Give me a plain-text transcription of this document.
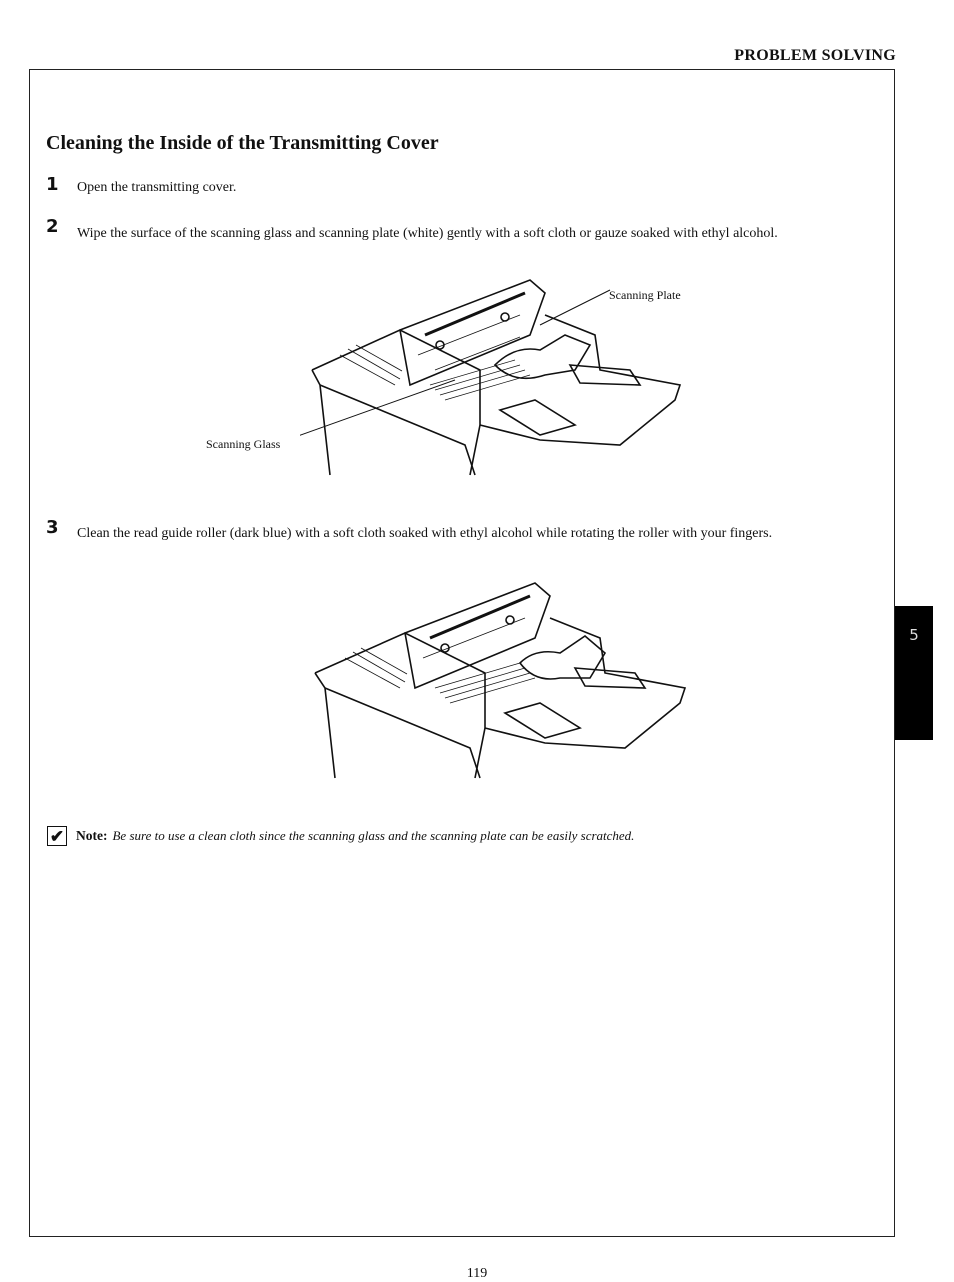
PROBLEM SOLVING
Cleaning the Inside of the Transmitting Cover
1 Open the transmitting cover.
2 Wipe the surface of the scanning glass and scanning plate (white) gently with a soft cloth or gauze soaked with ethyl alcohol.
Scanning Plate
Scanning Glass
3 Clean the read guide roller (dark blue) with a soft cloth soaked with ethyl alcohol while rotating the roller with your fingers.
✔ Note: Be sure to use a clean cloth since the scanning glass and the scanning plate can be easily scratched.
5
119
